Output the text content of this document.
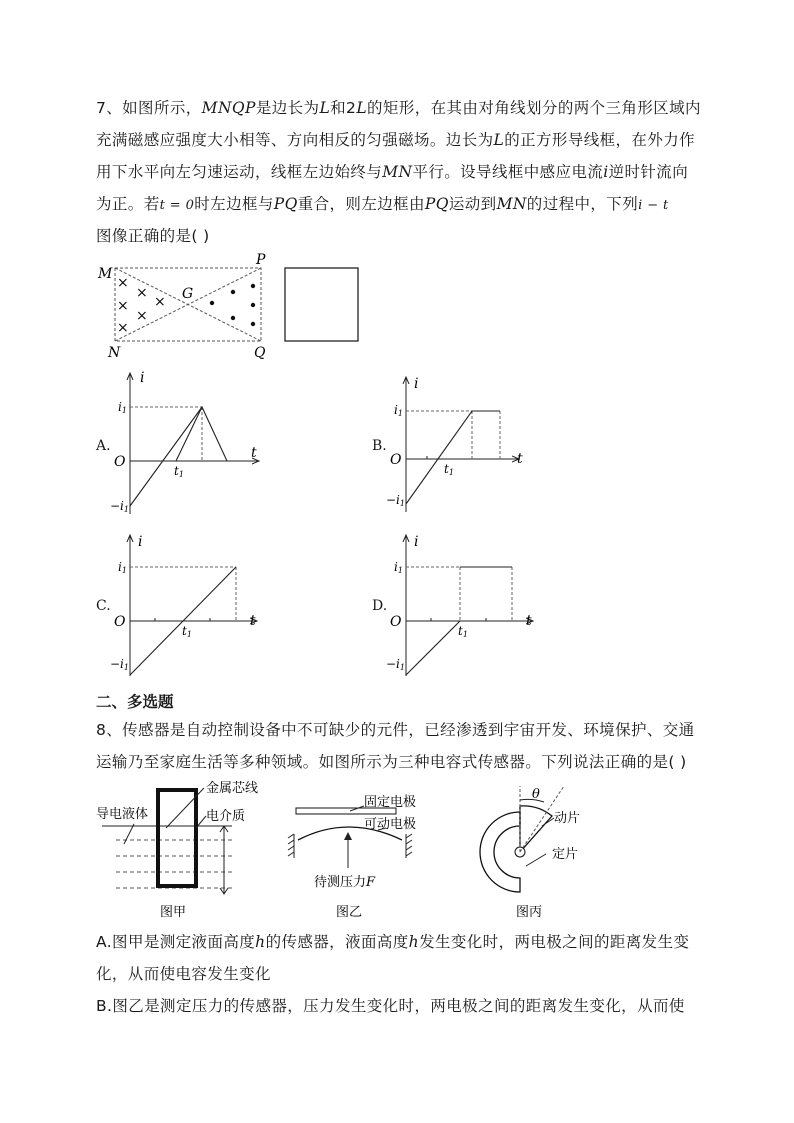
7、如图所示，MNQP是边长为L和2L的矩形，在其由对角线划分的两个三角形区域内
充满磁感应强度大小相等、方向相反的匀强磁场。边长为L的正方形导线框，在外力作
用下水平向左匀速运动，线框左边始终与MN平行。设导线框中感应电流i逆时针流向
为正。若t = 0时左边框与PQ重合，则左边框由PQ运动到MN的过程中，下列i − t
图像正确的是( )
M
N
P
Q
G
×
×
×
×
×
×
A.	B.
C.	D.
i
t
O
i1
−i1
t1
i
t
O
i1
−i1
t1
i
t
O
i1
−i1
t1
i
t
O
i1
−i1
t1
二、多选题
8、传感器是自动控制设备中不可缺少的元件，已经渗透到宇宙开发、环境保护、交通
运输乃至家庭生活等多种领域。如图所示为三种电容式传感器。下列说法正确的是( )
金属芯线
导电液体	电介质
图甲
固定电极
可动电极
待测压力F
图乙
θ
动片
定片
图丙
A.图甲是测定液面高度h的传感器，液面高度h发生变化时，两电极之间的距离发生变
化，从而使电容发生变化
B.图乙是测定压力的传感器，压力发生变化时，两电极之间的距离发生变化，从而使
